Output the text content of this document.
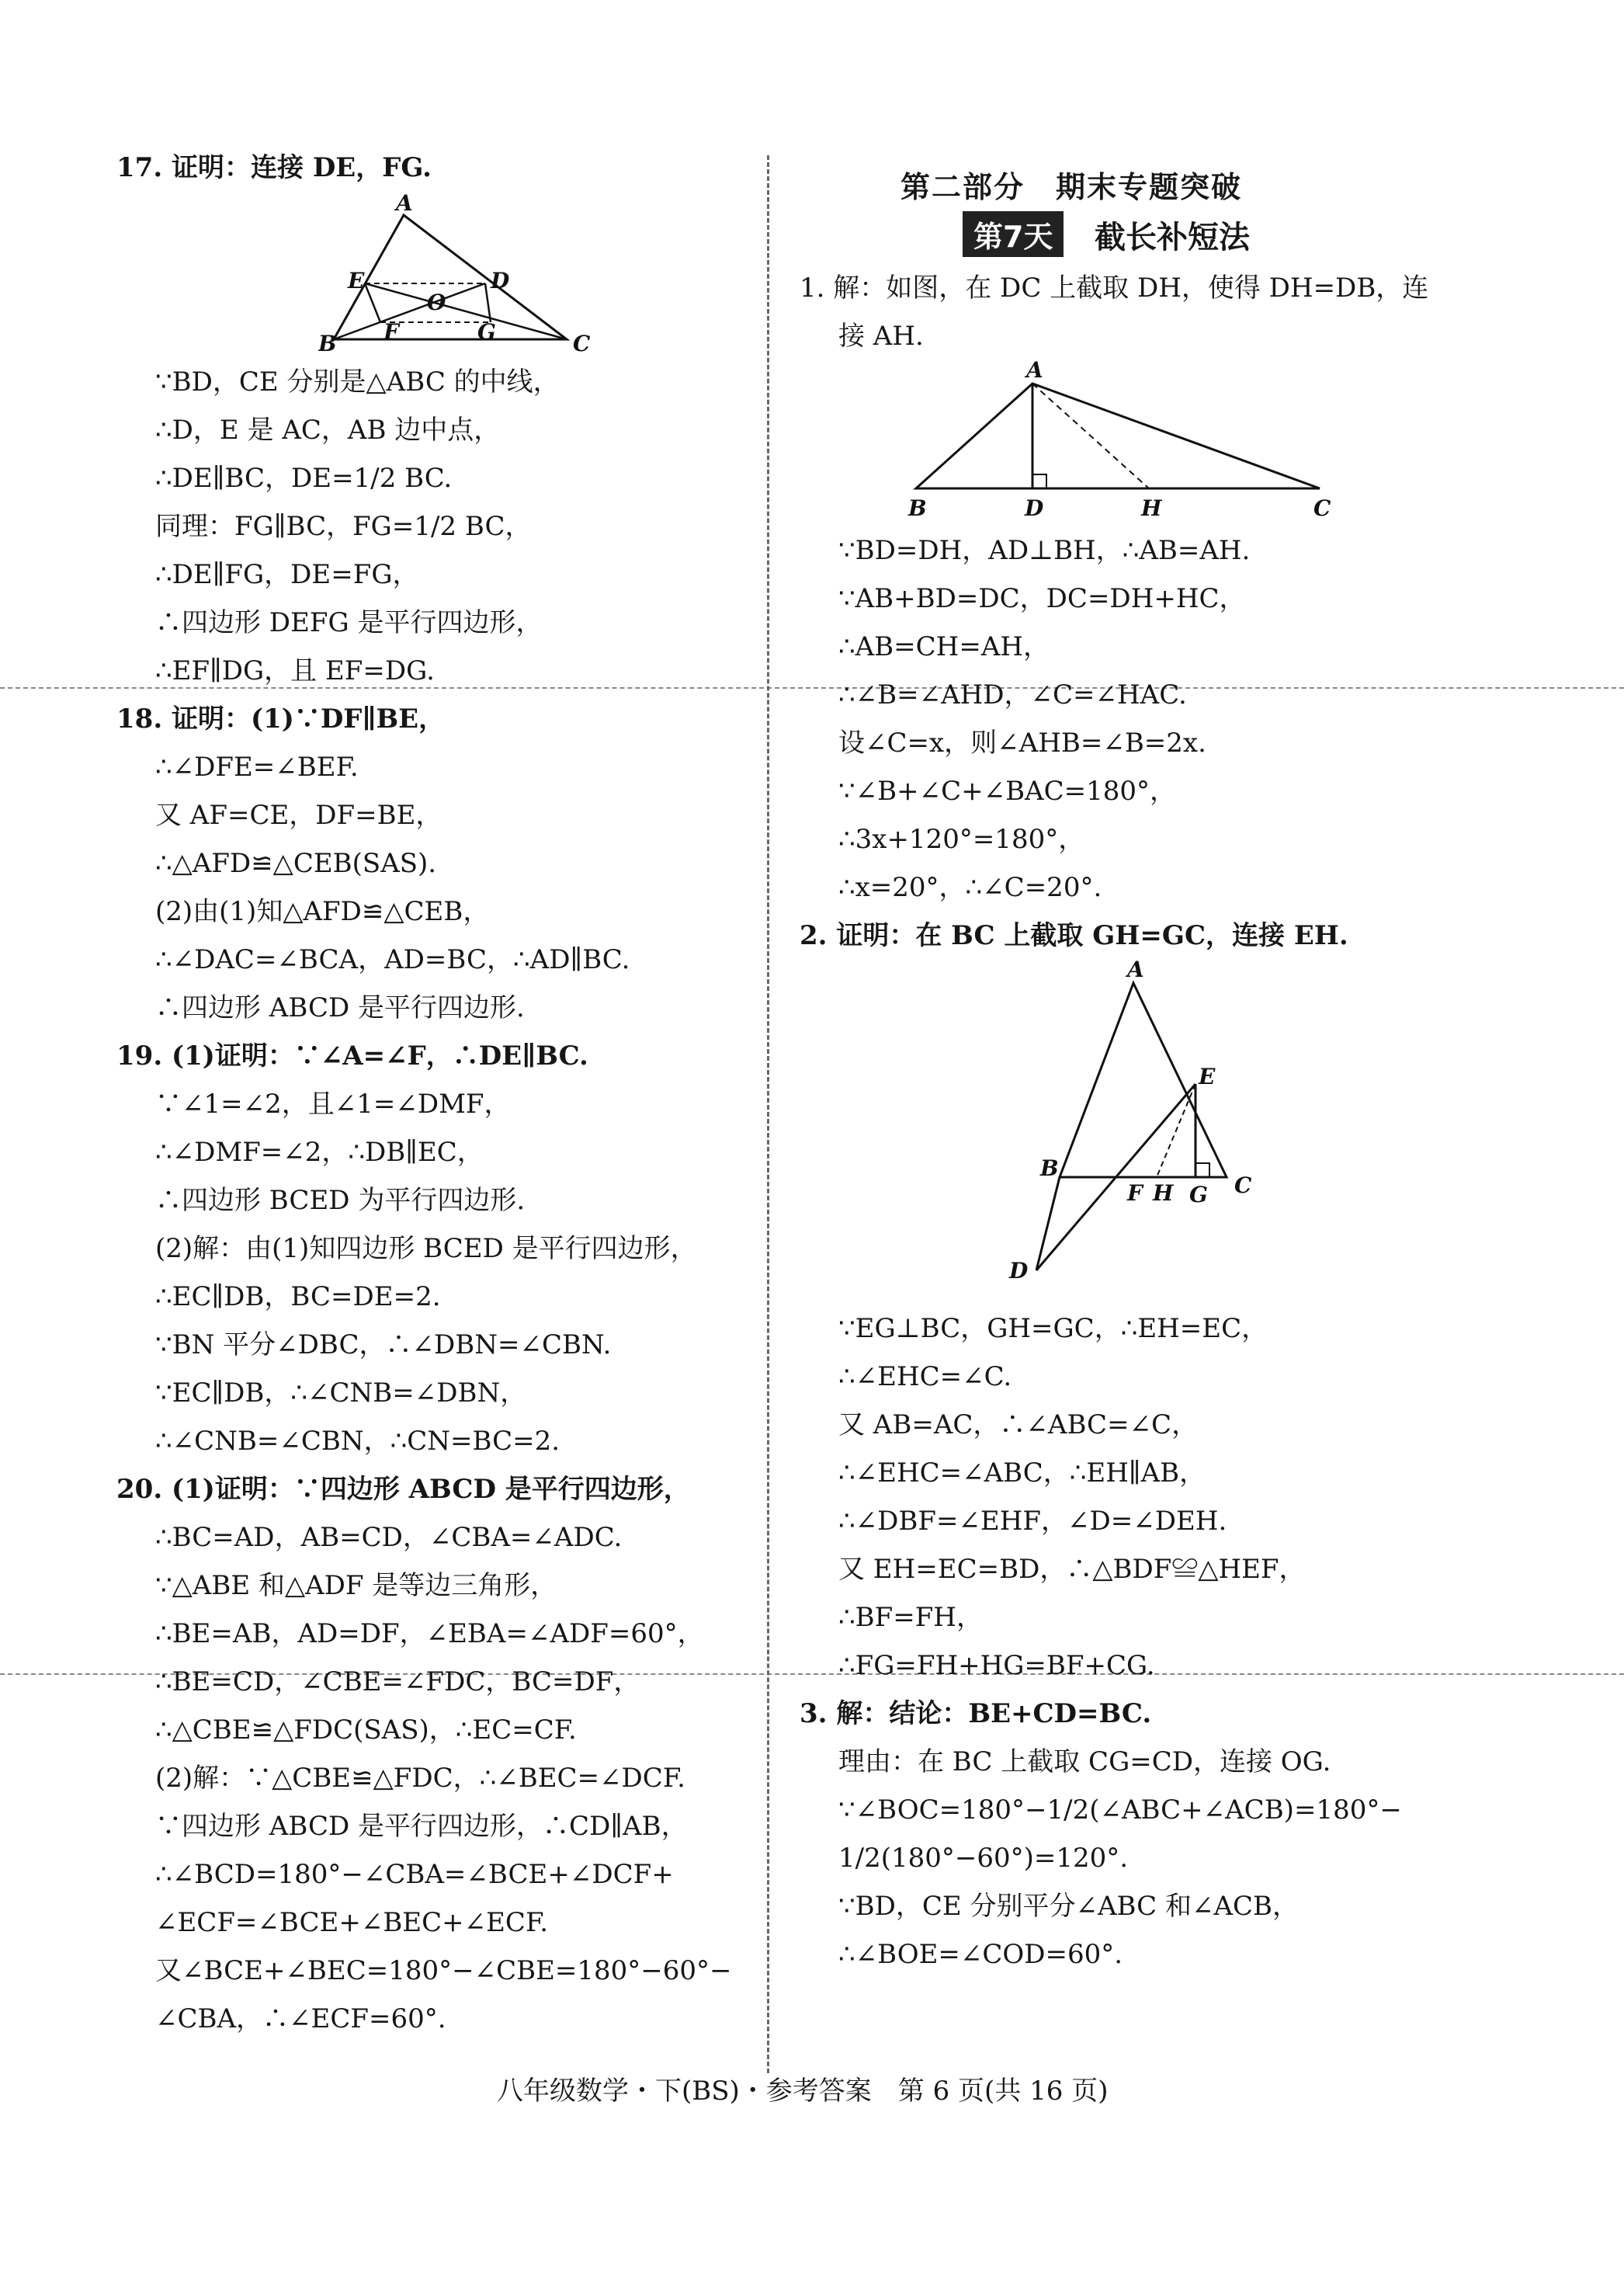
17. 证明：连接 DE，FG.
A
E	D
O
F	G
B	C
∵BD，CE 分别是△ABC 的中线，
∴D，E 是 AC，AB 边中点，
∴DE∥BC，DE=1/2 BC.
同理：FG∥BC，FG=1/2 BC，
∴DE∥FG，DE=FG，
∴四边形 DEFG 是平行四边形，
∴EF∥DG，且 EF=DG.
18. 证明：(1)∵DF∥BE，
∴∠DFE=∠BEF.
又 AF=CE，DF=BE，
∴△AFD≌△CEB(SAS).
(2)由(1)知△AFD≌△CEB，
∴∠DAC=∠BCA，AD=BC，∴AD∥BC.
∴四边形 ABCD 是平行四边形.
19. (1)证明：∵∠A=∠F，∴DE∥BC.
∵∠1=∠2，且∠1=∠DMF，
∴∠DMF=∠2，∴DB∥EC，
∴四边形 BCED 为平行四边形.
(2)解：由(1)知四边形 BCED 是平行四边形，
∴EC∥DB，BC=DE=2.
∵BN 平分∠DBC，∴∠DBN=∠CBN.
∵EC∥DB，∴∠CNB=∠DBN，
∴∠CNB=∠CBN，∴CN=BC=2.
20. (1)证明：∵四边形 ABCD 是平行四边形，
∴BC=AD，AB=CD，∠CBA=∠ADC.
∵△ABE 和△ADF 是等边三角形，
∴BE=AB，AD=DF，∠EBA=∠ADF=60°，
∴BE=CD，∠CBE=∠FDC，BC=DF，
∴△CBE≌△FDC(SAS)，∴EC=CF.
(2)解：∵△CBE≌△FDC，∴∠BEC=∠DCF.
∵四边形 ABCD 是平行四边形，∴CD∥AB，
∴∠BCD=180°−∠CBA=∠BCE+∠DCF+
∠ECF=∠BCE+∠BEC+∠ECF.
又∠BCE+∠BEC=180°−∠CBE=180°−60°−
∠CBA，∴∠ECF=60°.
第二部分　期末专题突破
第7天	截长补短法
1. 解：如图，在 DC 上截取 DH，使得 DH=DB，连
接 AH.
A
B	D	H	C
∵BD=DH，AD⊥BH，∴AB=AH.
∵AB+BD=DC，DC=DH+HC，
∴AB=CH=AH，
∴∠B=∠AHD，∠C=∠HAC.
设∠C=x，则∠AHB=∠B=2x.
∵∠B+∠C+∠BAC=180°，
∴3x+120°=180°，
∴x=20°，∴∠C=20°.
2. 证明：在 BC 上截取 GH=GC，连接 EH.
A
E
B
F H G C
D
∵EG⊥BC，GH=GC，∴EH=EC，
∴∠EHC=∠C.
又 AB=AC，∴∠ABC=∠C，
∴∠EHC=∠ABC，∴EH∥AB，
∴∠DBF=∠EHF，∠D=∠DEH.
又 EH=EC=BD，∴△BDF≌△HEF，
∴BF=FH，
∴FG=FH+HG=BF+CG.
3. 解：结论：BE+CD=BC.
理由：在 BC 上截取 CG=CD，连接 OG.
∵∠BOC=180°−1/2(∠ABC+∠ACB)=180°−
1/2(180°−60°)=120°.
∵BD，CE 分别平分∠ABC 和∠ACB，
∴∠BOE=∠COD=60°.
八年级数学・下(BS)・参考答案　第 6 页(共 16 页)
